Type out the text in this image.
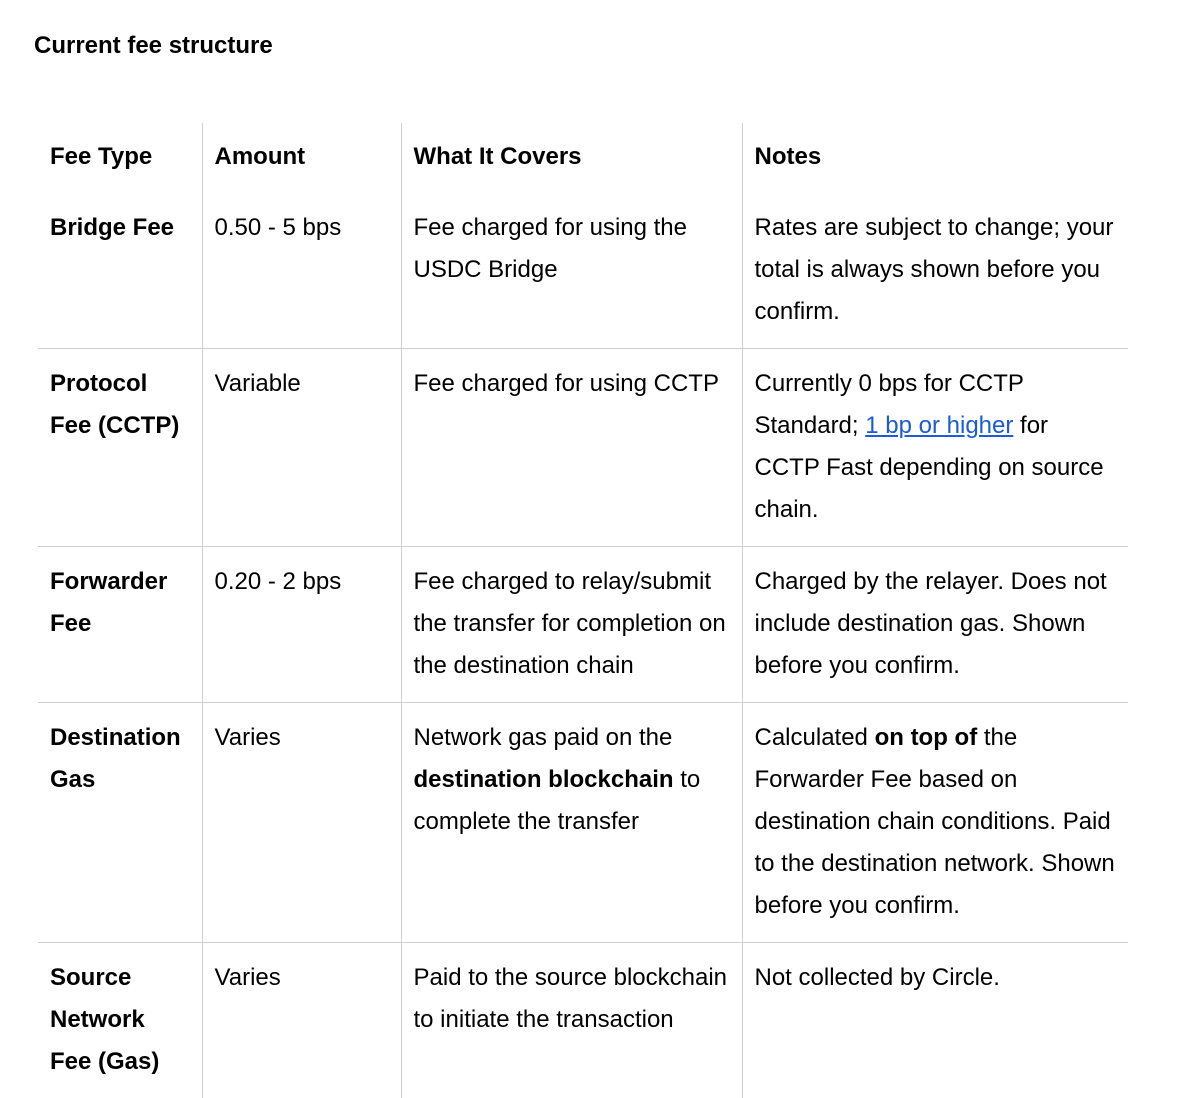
Current fee structure
Fee Type	Amount	What It Covers	Notes
Bridge Fee	0.50 - 5 bps	Fee charged for using the USDC Bridge	Rates are subject to change; your total is always shown before you confirm.
Protocol Fee (CCTP)	Variable	Fee charged for using CCTP	Currently 0 bps for CCTP Standard; 1 bp or higher for CCTP Fast depending on source chain.
Forwarder Fee	0.20 - 2 bps	Fee charged to relay/submit the transfer for completion on the destination chain	Charged by the relayer. Does not include destination gas. Shown before you confirm.
Destination Gas	Varies	Network gas paid on the destination blockchain to complete the transfer	Calculated on top of the Forwarder Fee based on destination chain conditions. Paid to the destination network. Shown before you confirm.
Source Network Fee (Gas)	Varies	Paid to the source blockchain to initiate the transaction	Not collected by Circle.
